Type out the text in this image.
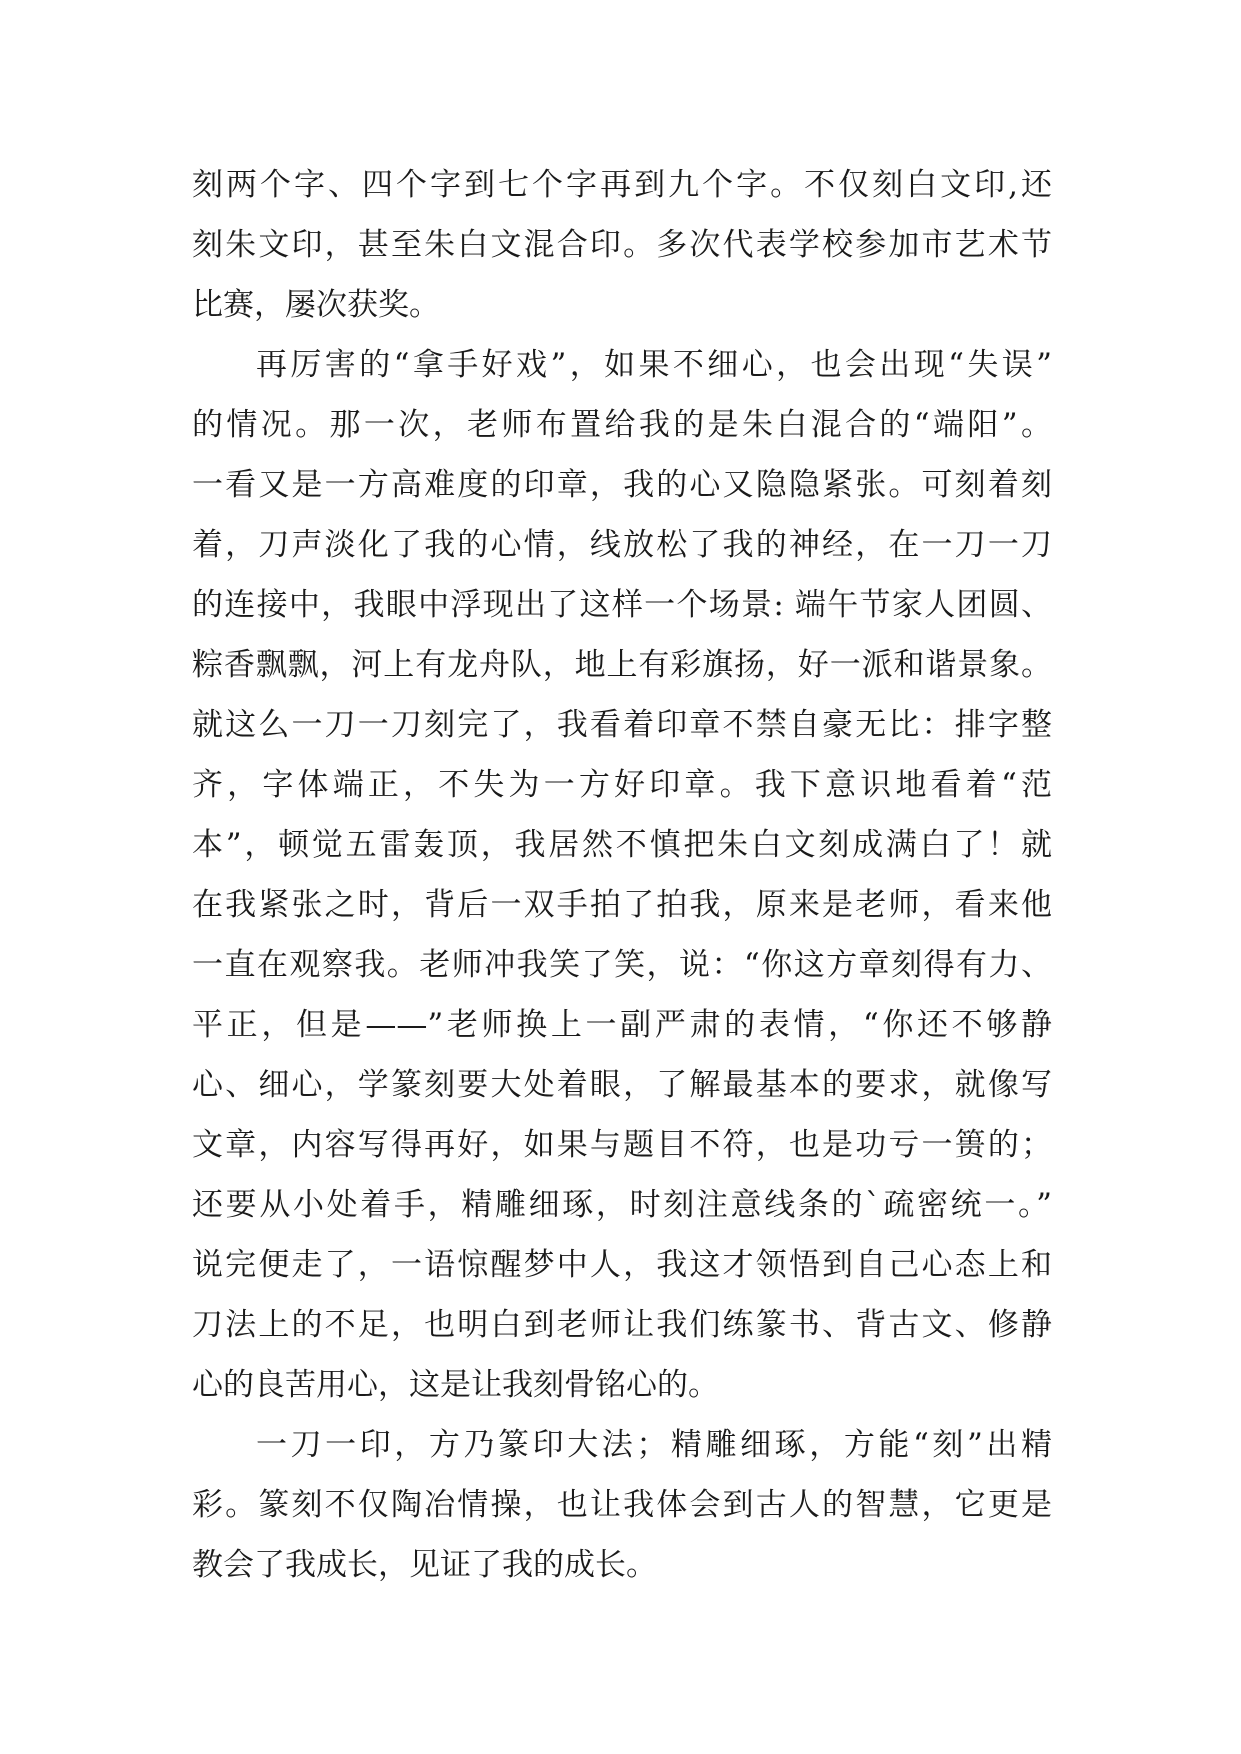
刻两个字、四个字到七个字再到九个字。不仅刻白文印,还
刻朱文印，甚至朱白文混合印。多次代表学校参加市艺术节
比赛，屡次获奖。
再厉害的“拿手好戏”，如果不细心，也会出现“失误”
的情况。那一次，老师布置给我的是朱白混合的“端阳”。
一看又是一方高难度的印章，我的心又隐隐紧张。可刻着刻
着，刀声淡化了我的心情，线放松了我的神经，在一刀一刀
的连接中，我眼中浮现出了这样一个场景: 端午节家人团圆、
粽香飘飘，河上有龙舟队，地上有彩旗扬，好一派和谐景象。
就这么一刀一刀刻完了，我看着印章不禁自豪无比：排字整
齐，字体端正，不失为一方好印章。我下意识地看着“范
本”，顿觉五雷轰顶，我居然不慎把朱白文刻成满白了！就
在我紧张之时，背后一双手拍了拍我，原来是老师，看来他
一直在观察我。老师冲我笑了笑，说：“你这方章刻得有力、
平正，但是——”老师换上一副严肃的表情，“你还不够静
心、细心，学篆刻要大处着眼，了解最基本的要求，就像写
文章，内容写得再好，如果与题目不符，也是功亏一篑的；
还要从小处着手，精雕细琢，时刻注意线条的`疏密统一。”
说完便走了，一语惊醒梦中人，我这才领悟到自己心态上和
刀法上的不足，也明白到老师让我们练篆书、背古文、修静
心的良苦用心，这是让我刻骨铭心的。
一刀一印，方乃篆印大法；精雕细琢，方能“刻”出精
彩。篆刻不仅陶冶情操，也让我体会到古人的智慧，它更是
教会了我成长，见证了我的成长。
